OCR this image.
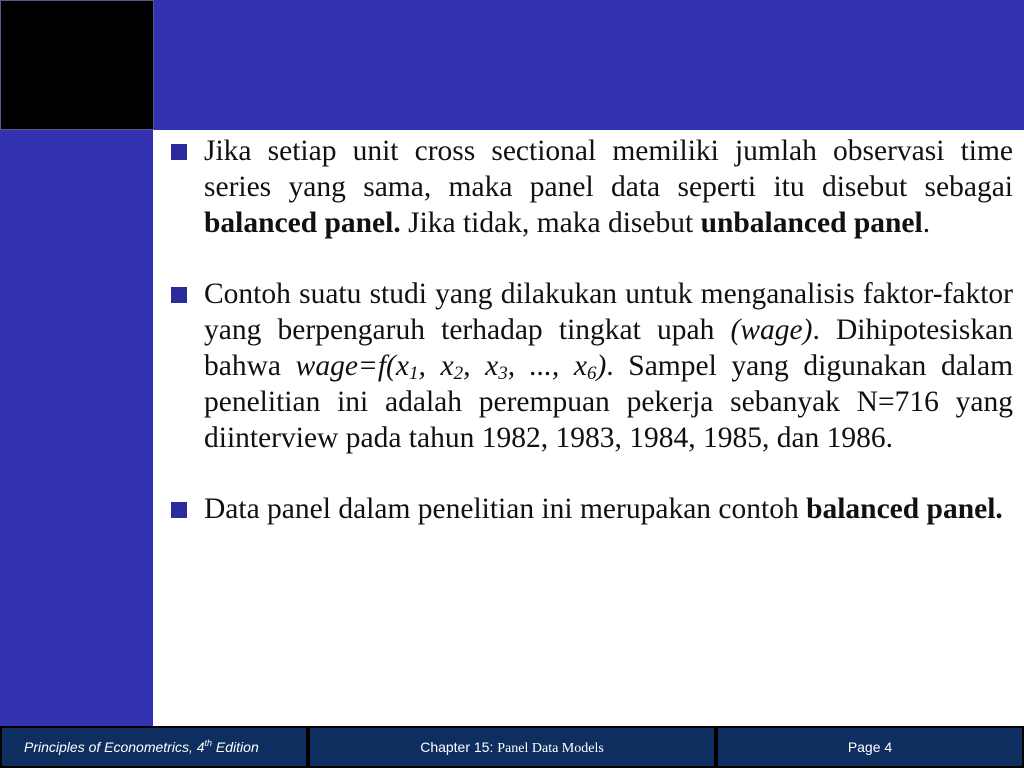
Jika setiap unit cross sectional memiliki jumlah observasi time series yang sama, maka panel data seperti itu disebut sebagai balanced panel. Jika tidak, maka disebut unbalanced panel.

Contoh suatu studi yang dilakukan untuk menganalisis faktor-faktor yang berpengaruh terhadap tingkat upah (wage). Dihipotesiskan bahwa $wage=f(x_1$, $x_2$, $x_3$, ..., $x_6$). Sampel yang digunakan dalam penelitian ini adalah perempuan pekerja sebanyak N=716 yang diinterview pada tahun 1982, 1983, 1984, 1985, dan 1986.

Data panel dalam penelitian ini merupakan contoh balanced panel.

Principles of Econometrics, 4th Edition	Chapter 15: Panel Data Models	Page 4
